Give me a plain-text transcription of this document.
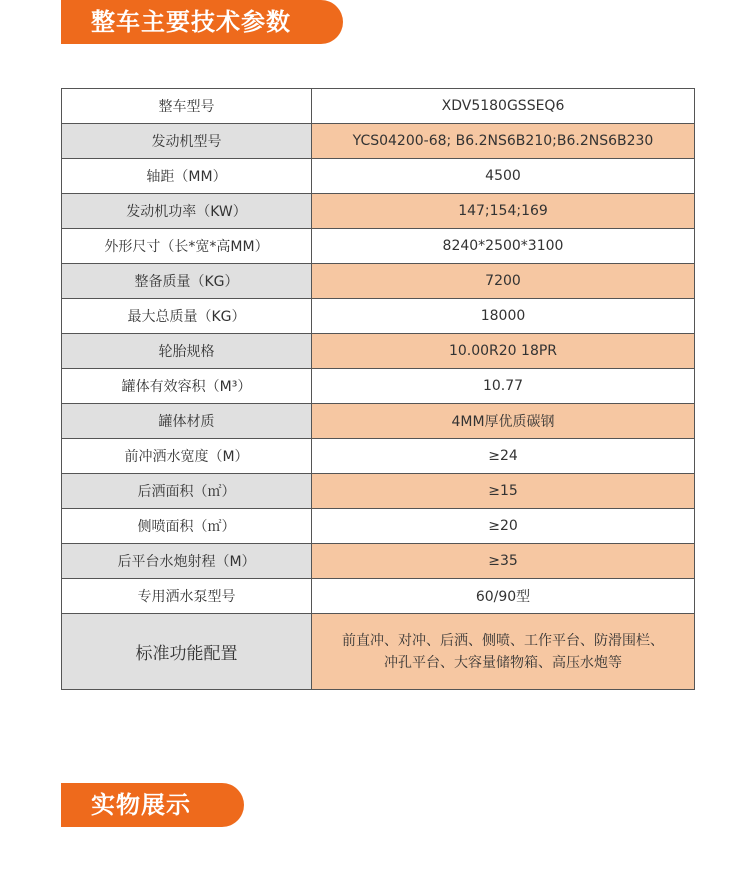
整车主要技术参数
整车型号	XDV5180GSSEQ6
发动机型号	YCS04200-68; B6.2NS6B210;B6.2NS6B230
轴距（MM）	4500
发动机功率（KW）	147;154;169
外形尺寸（长*宽*高MM）	8240*2500*3100
整备质量（KG）	7200
最大总质量（KG）	18000
轮胎规格	10.00R20 18PR
罐体有效容积（M³）	10.77
罐体材质	4MM厚优质碳钢
前冲洒水宽度（M）	≥24
后洒面积（㎡）	≥15
侧喷面积（㎡）	≥20
后平台水炮射程（M）	≥35
专用洒水泵型号	60/90型
标准功能配置	前直冲、对冲、后洒、侧喷、工作平台、防滑围栏、
冲孔平台、大容量储物箱、高压水炮等
实物展示
